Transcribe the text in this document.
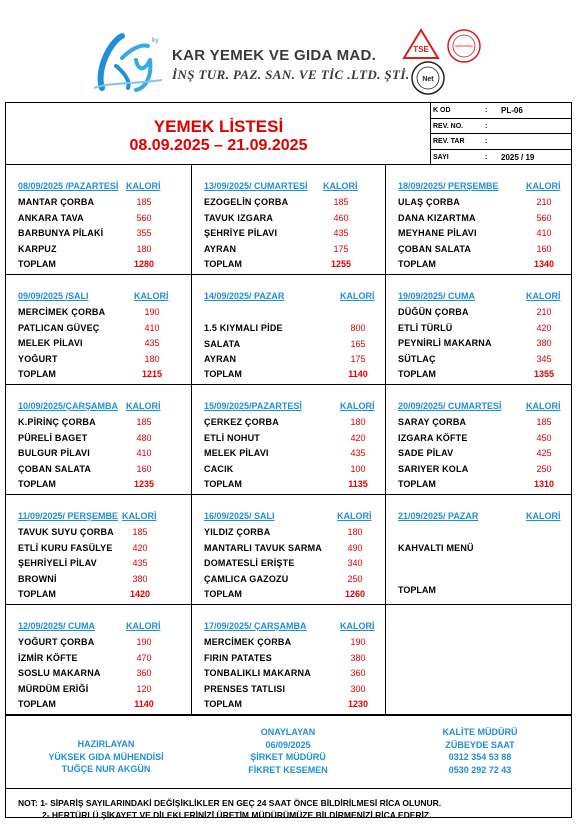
ky
KAR YEMEK VE GIDA MAD.
İNŞ TUR. PAZ. SAN. VE TİC .LTD. ŞTİ.
TSE
Net
YEMEK LİSTESİ
08.09.2025 – 21.09.2025
K OD	: PL-06
REV. NO.	:
REV. TAR	:
SAYI	: 2025 / 19
08/09/2025 /PAZARTESİ KALORİ
MANTAR ÇORBA	185
ANKARA TAVA	560
BARBUNYA PİLAKİ	355
KARPUZ	180
TOPLAM	1280
13/09/2025/ CUMARTESİ KALORİ
EZOGELİN ÇORBA	185
TAVUK IZGARA	460
ŞEHRİYE PİLAVI	435
AYRAN	175
TOPLAM	1255
18/09/2025/ PERŞEMBE	KALORİ
ULAŞ ÇORBA	210
DANA KIZARTMA	560
MEYHANE PİLAVI	410
ÇOBAN SALATA	160
TOPLAM	1340
09/09/2025 /SALI	KALORİ
MERCİMEK ÇORBA	190
PATLICAN GÜVEÇ	410
MELEK PİLAVI	435
YOĞURT	180
TOPLAM	1215
14/09/2025/ PAZAR	KALORİ
1.5 KIYMALI PİDE	800
SALATA	165
AYRAN	175
TOPLAM	1140
19/09/2025/ CUMA	KALORİ
DÜĞÜN ÇORBA	210
ETLİ TÜRLÜ	420
PEYNİRLİ MAKARNA	380
SÜTLAÇ	345
TOPLAM	1355
10/09/2025/ÇARŞAMBA KALORİ
K.PİRİNÇ ÇORBA	185
PÜRELİ BAGET	480
BULGUR PİLAVI	410
ÇOBAN SALATA	160
TOPLAM	1235
15/09/2025/PAZARTESİ	KALORİ
ÇERKEZ ÇORBA	180
ETLİ NOHUT	420
MELEK PİLAVI	435
CACIK	100
TOPLAM	1135
20/09/2025/ CUMARTESİ	KALORİ
SARAY ÇORBA	185
IZGARA KÖFTE	450
SADE PİLAV	425
SARIYER KOLA	250
TOPLAM	1310
11/09/2025/ PERŞEMBE KALORİ
TAVUK SUYU ÇORBA	185
ETLİ KURU FASÜLYE	420
ŞEHRİYELİ PİLAV	435
BROWNİ	380
TOPLAM	1420
16/09/2025/ SALI	KALORİ
YILDIZ ÇORBA	180
MANTARLI TAVUK SARMA	490
DOMATESLİ ERİŞTE	340
ÇAMLICA GAZOZU	250
TOPLAM	1260
21/09/2025/ PAZAR	KALORİ
KAHVALTI MENÜ
TOPLAM
12/09/2025/ CUMA	KALORİ
YOĞURT ÇORBA	190
İZMİR KÖFTE	470
SOSLU MAKARNA	360
MÜRDÜM ERİĞİ	120
TOPLAM	1140
17/09/2025/ ÇARŞAMBA	KALORİ
MERCİMEK ÇORBA	190
FIRIN PATATES	380
TONBALIKLI MAKARNA	360
PRENSES TATLISI	300
TOPLAM	1230
HAZIRLAYAN
YÜKSEK GIDA MÜHENDİSİ
TUĞÇE NUR AKGÜN
ONAYLAYAN
06/09/2025
ŞİRKET MÜDÜRÜ
FİKRET KESEMEN
KALİTE MÜDÜRÜ
ZÜBEYDE SAAT
0312 354 53 88
0530 292 72 43
NOT: 1- SİPARİŞ SAYILARINDAKİ DEĞİŞİKLİKLER EN GEÇ 24 SAAT ÖNCE BİLDİRİLMESİ RİCA OLUNUR.
2- HERTÜRLÜ ŞİKAYET VE DİLEKLERİNİZİ ÜRETİM MÜDÜRÜMÜZE BİLDİRMENİZİ RİCA EDERİZ.
